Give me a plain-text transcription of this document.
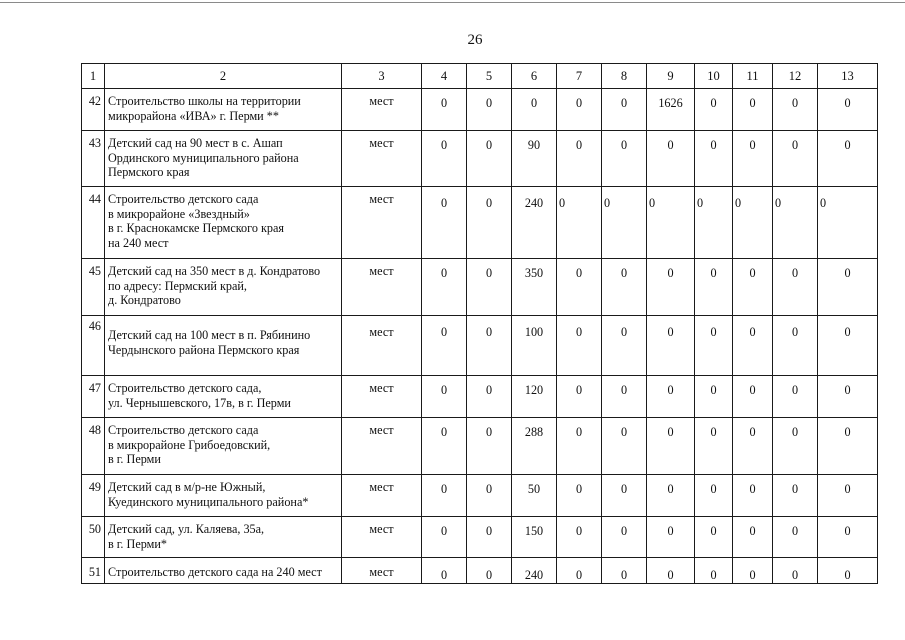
26
1	2	3	4	5	6	7	8	9	10	11	12	13
42	Строительство школы на территории
микрорайона «ИВА» г. Перми **	мест	0	0	0	0	0	1626	0	0	0	0
43	Детский сад на 90 мест в с. Ашап
Ординского муниципального района
Пермского края	мест	0	0	90	0	0	0	0	0	0	0
44	Строительство детского сада
в микрорайоне «Звездный»
в г. Краснокамске Пермского края
на 240 мест	мест	0	0	240	0	0	0	0	0	0	0
45	Детский сад на 350 мест в д. Кондратово
по адресу: Пермский край,
д. Кондратово	мест	0	0	350	0	0	0	0	0	0	0
46	Детский сад на 100 мест в п. Рябинино
Чердынского района Пермского края	мест	0	0	100	0	0	0	0	0	0	0
47	Строительство детского сада,
ул. Чернышевского, 17в, в г. Перми	мест	0	0	120	0	0	0	0	0	0	0
48	Строительство детского сада
в микрорайоне Грибоедовский,
в г. Перми	мест	0	0	288	0	0	0	0	0	0	0
49	Детский сад в м/р-не Южный,
Куединского муниципального района*	мест	0	0	50	0	0	0	0	0	0	0
50	Детский сад, ул. Каляева, 35а,
в г. Перми*	мест	0	0	150	0	0	0	0	0	0	0
51	Строительство детского сада на 240 мест	мест	0	0	240	0	0	0	0	0	0	0
